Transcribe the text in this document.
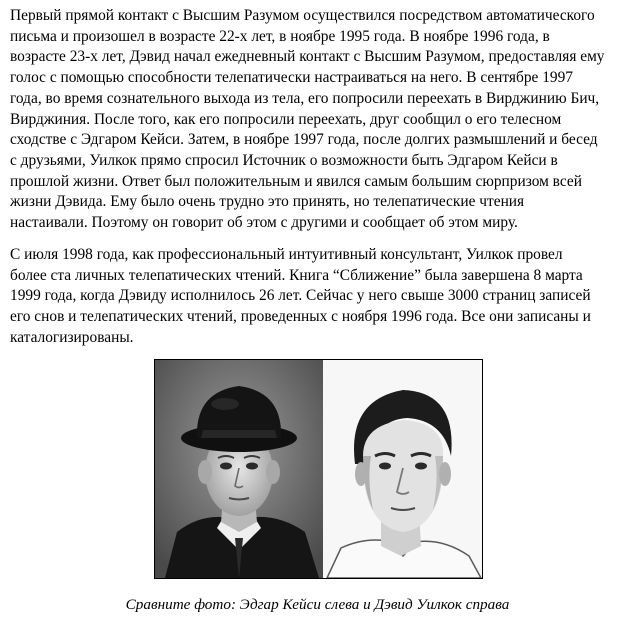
Первый прямой контакт с Высшим Разумом осуществился посредством автоматического
письма и произошел в возрасте 22-х лет, в ноябре 1995 года. В ноябре 1996 года, в
возрасте 23-х лет, Дэвид начал ежедневный контакт с Высшим Разумом, предоставляя ему
голос с помощью способности телепатически настраиваться на него. В сентябре 1997
года, во время сознательного выхода из тела, его попросили переехать в Вирджинию Бич,
Вирджиния. После того, как его попросили переехать, друг сообщил о его телесном
сходстве с Эдгаром Кейси. Затем, в ноябре 1997 года, после долгих размышлений и бесед
с друзьями, Уилкок прямо спросил Источник о возможности быть Эдгаром Кейси в
прошлой жизни. Ответ был положительным и явился самым большим сюрпризом всей
жизни Дэвида. Ему было очень трудно это принять, но телепатические чтения
настаивали. Поэтому он говорит об этом с другими и сообщает об этом миру.

С июля 1998 года, как профессиональный интуитивный консультант, Уилкок провел
более ста личных телепатических чтений. Книга “Сближение” была завершена 8 марта
1999 года, когда Дэвиду исполнилось 26 лет. Сейчас у него свыше 3000 страниц записей
его снов и телепатических чтений, проведенных с ноября 1996 года. Все они записаны и
каталогизированы.

Сравните фото: Эдгар Кейси слева и Дэвид Уилкок справа
